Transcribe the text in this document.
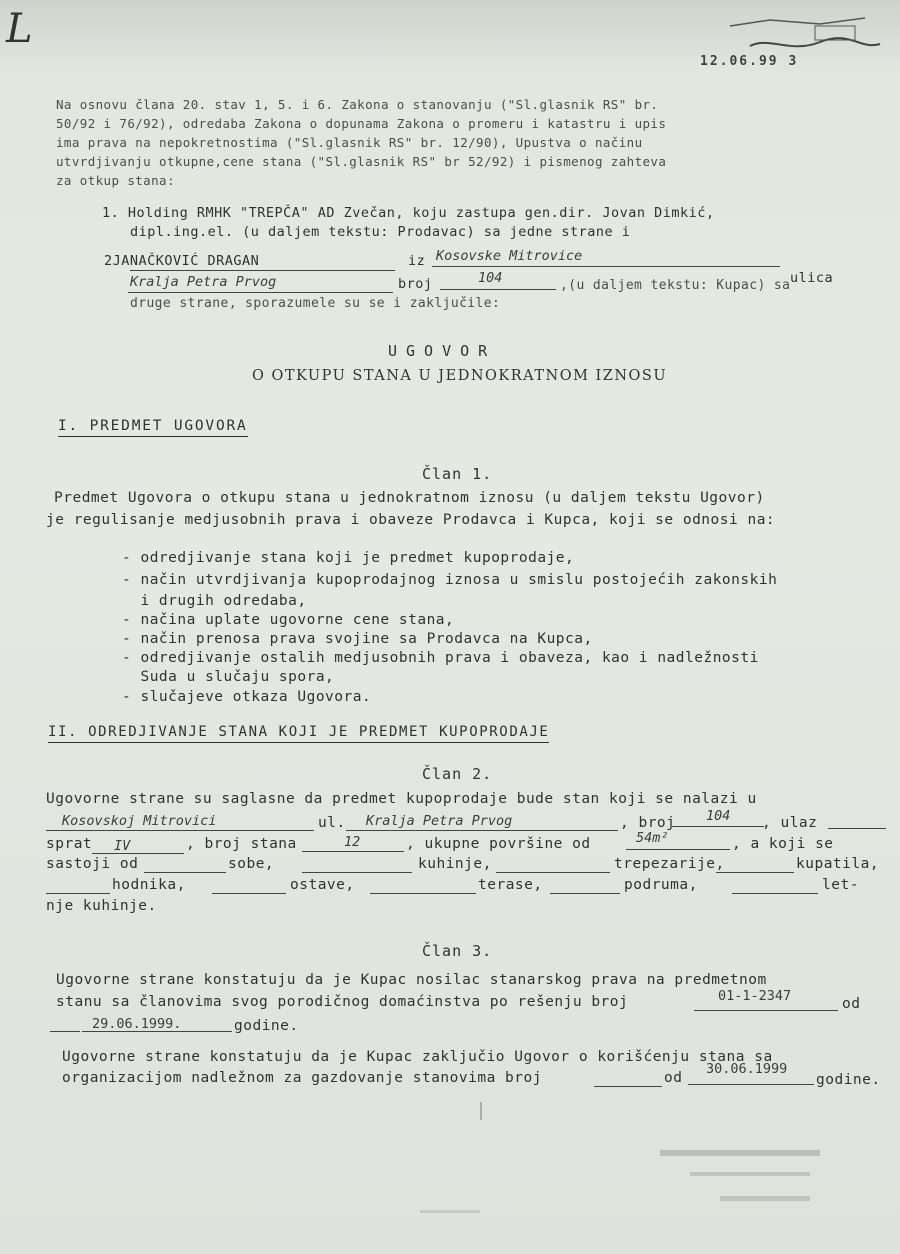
L
12.06.99 3
Na osnovu člana 20. stav 1, 5. i 6. Zakona o stanovanju ("Sl.glasnik RS" br.
50/92 i 76/92), odredaba Zakona o dopunama Zakona o promeru i katastru i upis
ima prava na nepokretnostima ("Sl.glasnik RS" br. 12/90), Upustva o načinu
utvrdjivanju otkupne,cene stana ("Sl.glasnik RS" br 52/92) i pismenog zahteva
za otkup stana:
1. Holding RMHK "TREPČA" AD Zvečan, koju zastupa gen.dir. Jovan Dimkić,
dipl.ing.el. (u daljem tekstu: Prodavac) sa jedne strane i
2JANAČKOVIĆ DRAGAN	iz Kosovske Mitrovice
ulica
Kralja Petra Prvog	broj	104	,(u daljem tekstu: Kupac) sa
druge strane, sporazumele su se i zaključile:
UGOVOR
O OTKUPU STANA U JEDNOKRATNOM IZNOSU
I. PREDMET UGOVORA
Član 1.
Predmet Ugovora o otkupu stana u jednokratnom iznosu (u daljem tekstu Ugovor)
je regulisanje medjusobnih prava i obaveze Prodavca i Kupca, koji se odnosi na:
- odredjivanje stana koji je predmet kupoprodaje,
- način utvrdjivanja kupoprodajnog iznosa u smislu postojećih zakonskih
i drugih odredaba,
- načina uplate ugovorne cene stana,
- način prenosa prava svojine sa Prodavca na Kupca,
- odredjivanje ostalih medjusobnih prava i obaveza, kao i nadležnosti
Suda u slučaju spora,
- slučajeve otkaza Ugovora.
II. ODREDJIVANJE STANA KOJI JE PREDMET KUPOPRODAJE
Član 2.
Ugovorne strane su saglasne da predmet kupoprodaje bude stan koji se nalazi u
Kosovskoj Mitrovici	ul. Kralja Petra Prvog	, broj 104 , ulaz
sprat IV	, broj stana	12	, ukupne površine od	54m²	, a koji se
sastoji od	sobe,	kuhinje,	trepezarije,	kupatila,
hodnika,	ostave,	terase,	podruma,	let-
nje kuhinje.
Član 3.
Ugovorne strane konstatuju da je Kupac nosilac stanarskog prava na predmetnom
stanu sa članovima svog porodičnog domaćinstva po rešenju broj	01-1-2347	od
29.06.1999.	godine.
Ugovorne strane konstatuju da je Kupac zaključio Ugovor o korišćenju stana sa
organizacijom nadležnom za gazdovanje stanovima broj	od
30.06.1999
godine.
